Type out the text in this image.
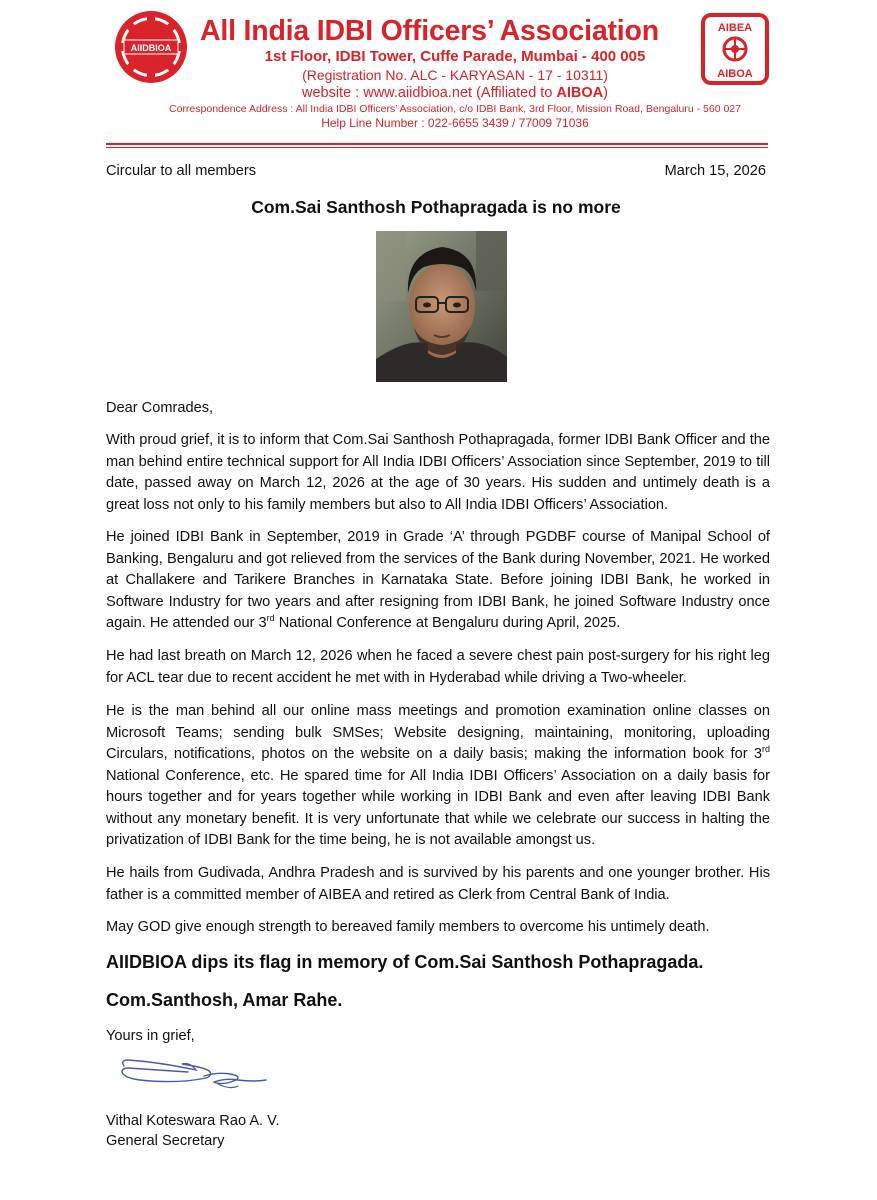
AIIDBIOA
AIBEA
AIBOA
All India IDBI Officers’ Association
1st Floor, IDBI Tower, Cuffe Parade, Mumbai - 400 005
(Registration No. ALC - KARYASAN - 17 - 10311)
website : www.aiidbioa.net (Affiliated to AIBOA)
Correspondence Address : All India IDBI Officers’ Association, c/o IDBI Bank, 3rd Floor, Mission Road, Bengaluru - 560 027
Help Line Number : 022-6655 3439 / 77009 71036
Circular to all members	March 15, 2026
Com.Sai Santhosh Pothapragada is no more
Dear Comrades,
With proud grief, it is to inform that Com.Sai Santhosh Pothapragada, former IDBI Bank Officer and the man behind entire technical support for All India IDBI Officers’ Association since September, 2019 to till date, passed away on March 12, 2026 at the age of 30 years. His sudden and untimely death is a great loss not only to his family members but also to All India IDBI Officers’ Association.
He joined IDBI Bank in September, 2019 in Grade ‘A’ through PGDBF course of Manipal School of Banking, Bengaluru and got relieved from the services of the Bank during November, 2021. He worked at Challakere and Tarikere Branches in Karnataka State. Before joining IDBI Bank, he worked in Software Industry for two years and after resigning from IDBI Bank, he joined Software Industry once again. He attended our 3rd National Conference at Bengaluru during April, 2025.
He had last breath on March 12, 2026 when he faced a severe chest pain post-surgery for his right leg for ACL tear due to recent accident he met with in Hyderabad while driving a Two-wheeler.
He is the man behind all our online mass meetings and promotion examination online classes on Microsoft Teams; sending bulk SMSes; Website designing, maintaining, monitoring, uploading Circulars, notifications, photos on the website on a daily basis; making the information book for 3rd National Conference, etc. He spared time for All India IDBI Officers’ Association on a daily basis for hours together and for years together while working in IDBI Bank and even after leaving IDBI Bank without any monetary benefit. It is very unfortunate that while we celebrate our success in halting the privatization of IDBI Bank for the time being, he is not available amongst us.
He hails from Gudivada, Andhra Pradesh and is survived by his parents and one younger brother. His father is a committed member of AIBEA and retired as Clerk from Central Bank of India.
May GOD give enough strength to bereaved family members to overcome his untimely death.
AIIDBIOA dips its flag in memory of Com.Sai Santhosh Pothapragada.
Com.Santhosh, Amar Rahe.
Yours in grief,
Vithal Koteswara Rao A. V.
General Secretary
